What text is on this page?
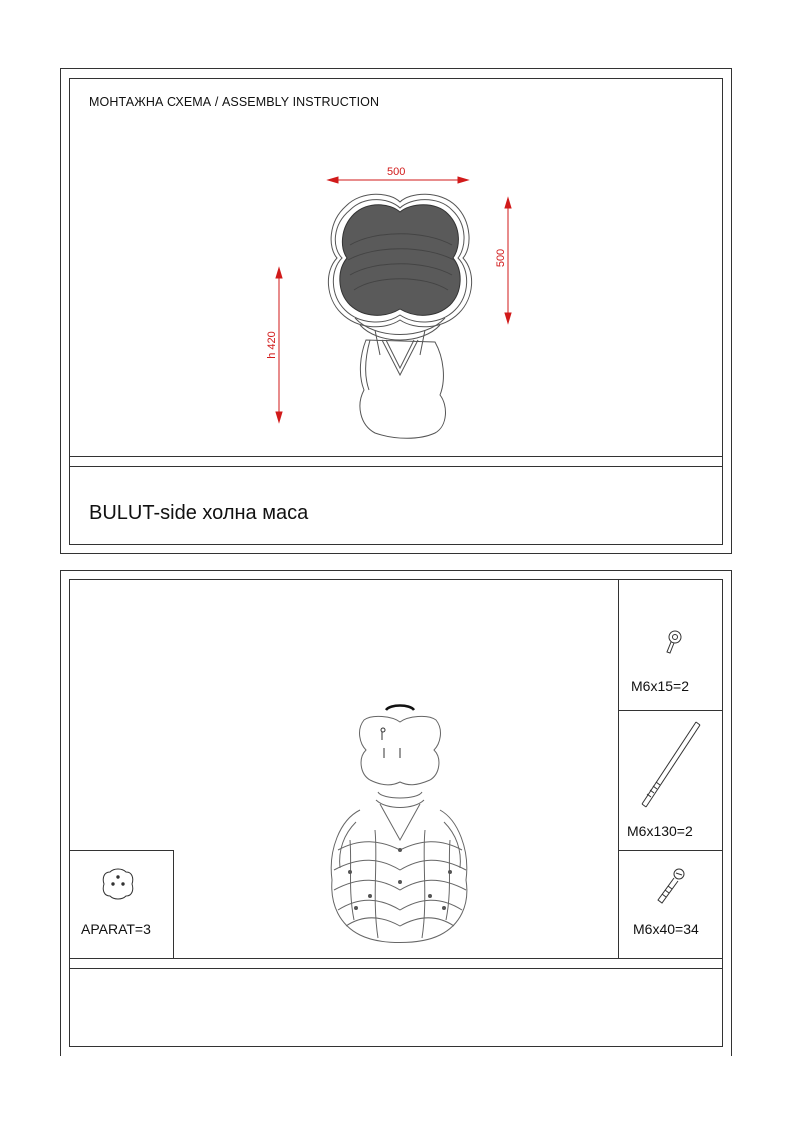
МОНТАЖНА СХЕМА / ASSEMBLY INSTRUCTION
BULUT-side холна маса
500
500
h 420
M6x15=2
M6x130=2
M6x40=34
APARAT=3
